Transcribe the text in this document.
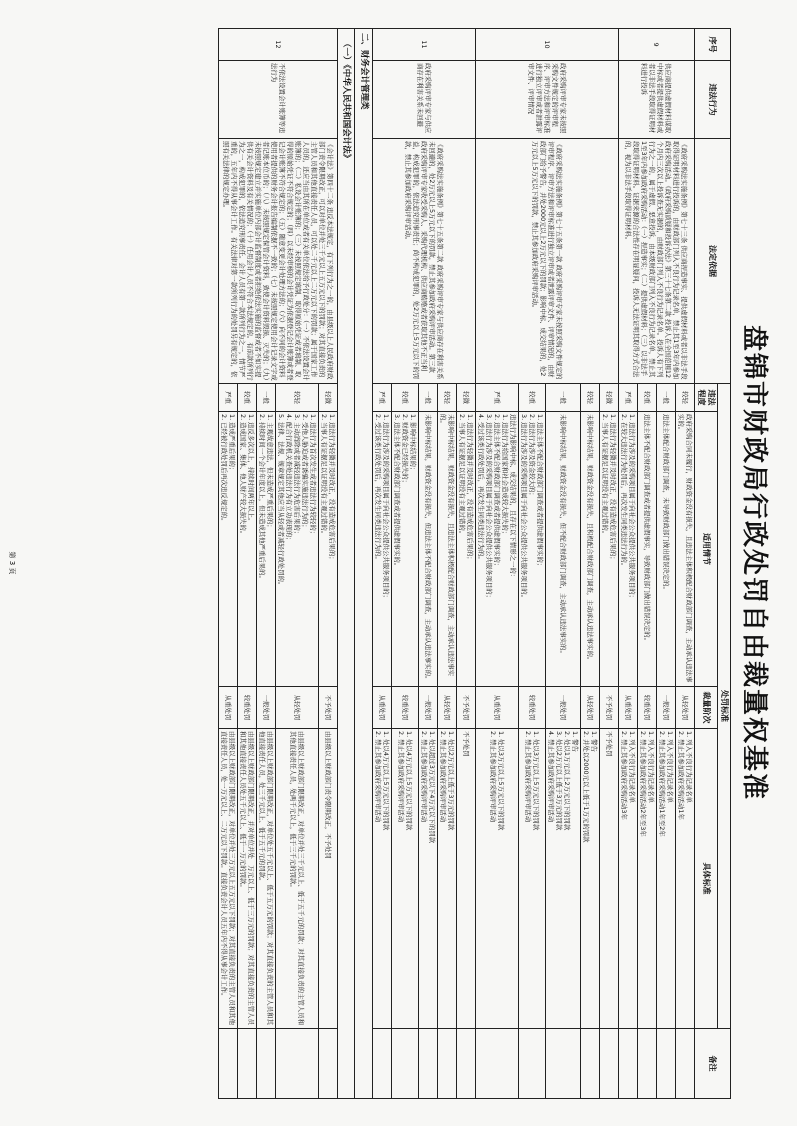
盘锦市财政局行政处罚自由裁量权基准
序号	违法行为	法定依据	处罚标准				备注
			违法程度	适用情节	裁量阶次	具体标准	
9	供应商提供虚假材料谋取中标或者提供虚假材料或者以非法手段取得证明材料进行投诉	《政府采购法实施条例》第七十三条 供应商捏造事实、提供虚假材料或者以非法手段取得证明材料进行投诉的，由财政部门列入不良行为记录名单，禁止其1至3年内参加政府采购活动。《政府采购质疑和投诉办法》第三十七条第二款 投诉人在全国范围12个月内三次以上投诉查无实据的，由财政部门列入不良行为记录名单。投诉人有下列行为之一的，属于虚假、恶意投诉，由本级财政部门列入不良行为记录名单，禁止其1至3年内参加政府采购活动：（一）捏造事实；（二）提供虚假材料；（三）以非法手段取得证明材料。证据来源的合法性存在明显疑问，投诉人无法证明其取得方式合法的，视为以非法手段取得证明材料。	较轻	政府采购合同未履行，财政资金没有损失，且违法主体积极配合财政部门调查，主动承认违法事实的。	从轻处罚	1. 列入不良行为记录名单
2. 禁止其参加政府采购活动1年	
			一般	违法主体配合财政部门调查，未导致财政部门做出错误决定的。	一般处罚	1. 列入不良行为记录名单
2. 禁止其参加政府采购活动1年至2年	
			较重	违法主体不配合财政部门调查或者提供虚假事实，导致财政部门做出错误决定的。	较重处罚	1. 列入不良行为记录名单
2. 禁止其参加政府采购活动2年至3年	
			严重	1. 违法行为涉及的采购项目属于向社会公众提供公共服务项目的；
2. 在较大违法行为处罚后，再次发生同类违法行为的。	从重处罚	1. 列入不良行为记录名单
2. 禁止其参加政府采购活动3年	
10	政府采购评审专家未按照采购文件规定的评审程序、评审方法和评审标准进行独立评审或者泄露评审文件、评审情况	《政府采购法实施条例》第七十五条第一款 政府采购评审专家未按照采购文件规定的评审程序、评审方法和评审标准进行独立评审或者泄露评审文件、评审情况的，由财政部门给予警告，并处2000元以上2万元以下的罚款；影响中标、成交结果的，处2万元以上5万元以下的罚款，禁止其参加政府采购评审活动。	轻微	1. 违法行为轻微并及时改正，没有造成危害后果的；
2. 当事人有证据足以证明没有主观过错的。	不予处罚	不予处罚	
			较轻	未影响中标结果，财政资金没有损失，且积极配合财政部门调查，主动承认违法事实的。	从轻处罚	1. 警告
2. 并处以2000元以上低于1万元的罚款	
			一般	未影响中标结果，财政资金没有损失，但不配合财政部门调查，主动承认违法事实的。	一般处罚	1. 警告
2. 处以1万元以上2万元以下的罚款
3. 处以2万元以上低于3万元的罚款
4. 禁止其参加政府采购评审活动	
			较重	1. 违法主体不配合财政部门调查或者提供虚假事实的；
2. 违法行为涉及资金较大的；
3. 违法行为涉及的采购项目属于向社会公众提供公共服务项目的。	较重处罚	1. 处以3万元以上5万元以下的罚款
2. 禁止其参加政府采购评审活动	
			严重	违法行为影响中标、成交结果的，且存在以下情形之一的：
1. 违法行为给国家和社会造成较大损失的；
2. 违法主体不配合财政部门调查或者提供虚假事实的；
3. 违法行为涉及的采购项目属于向社会公众提供公共服务项目的；
4. 受过该类行政处罚后，再次发生同类违法行为的。	从重处罚	1. 处以3万元以上5万元以下的罚款
2. 禁止其参加政府采购评审活动	
11	政府采购评审专家与供应商存在利害关系未回避	《政府采购法实施条例》第七十五条第二款 政府采购评审专家与供应商存在利害关系未回避的，处2万元以上5万元以下的罚款，禁止其参加政府采购评审活动。第三款 政府采购评审专家收受采购人、采购代理机构、供应商贿赂或者获取其他不正当利益，构成犯罪的，依法追究刑事责任；尚不构成犯罪的，处2万元以上5万元以下的罚款，禁止其参加政府采购评审活动。	轻微	1. 违法行为轻微并及时改正，没有造成危害后果的；
2. 当事人有证据足以证明没有主观过错的。	不予处罚	不予处罚	
			较轻	未影响中标结果，财政资金没有损失，且违法主体积极配合财政部门调查，主动承认违法事实的。	从轻处罚	1. 处以2万元以上低于3万元的罚款
2. 禁止其参加政府采购评审活动	
			一般	未影响中标结果，财政资金没有损失，但违法主体不配合财政部门调查，主动承认违法事实的。	一般处罚	1. 处以超过3万元以下4万元以下的罚款
2. 禁止其参加政府采购评审活动	
			较重	1. 影响中标结果的；
2. 财政资金已经损失的；
3. 违法主体不配合财政部门调查或者提供虚假事实的。	较重处罚	1. 处以4万元以上5万元以下的罚款
2. 禁止其参加政府采购评审活动	
			严重	1. 违法行为涉及的采购项目属于向社会公众提供公共服务项目的；
2. 受过该类行政处罚后，再次发生同类违法行为的。	从重处罚	1. 处以4万元以上5万元以下的罚款
2. 禁止其参加政府采购评审活动	
二、财务会计管理类							
（一）《中华人民共和国会计法》							
12	不依法设置会计账簿等违法行为	《会计法》第四十二条 违反本法规定，有下列行为之一的，由县级以上人民政府财政部门责令限期改正，可以对单位并处三千元以上五万元以下的罚款；对其直接负责的主管人员和其他直接责任人员，可以处二千元以上二万元以下的罚款；属于国家工作人员的，还应当由其所在单位或者有关单位依法给予行政处分：（一）不依法设置会计账簿的；（二）私设会计账簿的；（三）未按照规定填制、取得原始凭证或者填制、取得的原始凭证不符合规定的；（四）以未经审核的会计凭证为依据登记会计账簿或者登记会计账簿不符合规定的；（五）随意变更会计处理方法的；（六）向不同的会计资料使用者提供的财务会计报告编制依据不一致的；（七）未按照规定使用会计记录文字或者记账本位币的；（八）未按照规定保管会计资料，致使会计资料毁损、灭失的；（九）未按照规定建立并实施单位内部会计监督制度或者拒绝依法实施的监督或者不如实提供有关会计资料及有关情况的；（十）任用会计人员不符合本法规定的。有前款所列行为之一，构成犯罪的，依法追究刑事责任。会计人员有第一款所列行为之一，情节严重的，五年内不得从事会计工作。有关法律对第一款所列行为的处罚另有规定的，依照有关法律的规定办理。	轻微	1. 违法行为轻微并及时改正，没有造成危害后果的；
2. 当事人有证据足以证明没有主观过错的。	不予处罚	由县级以上财政部门责令限期改正，不予处罚	
			较轻	1. 违法行为首次发生或者违法行为较轻的；
2. 受他人胁迫或者诱骗实施违法行为的；
3. 主动消除或者减轻违法行为危害后果的；
4. 配合行政机关查处违法行为有立功表现的；
5. 法律、法规、规章规定其他应当从轻或者减轻行政处罚的。	从轻处罚	由县级以上财政部门限期改正，对单位并处三千元以上、低于五千元的罚款；对其直接负责的主管人员和其他直接责任人员，处两千元以上，低于三千元的罚款。	
			一般	1. 主观故意违法，但未造成严重后果的；
2. 持续时间一个会计年度以上，但未造成其他严重后果的。	一般处罚	由县级以上财政部门限期改正，对单位处五千元以上、低于五万元的罚款；对其直接负责的主管人员和其他直接责任人员，处三千元以上、低于五千元的罚款。	
			较重	1. 违反多次以上，持续时间两年以上。
2. 造成国家、集体、他人财产较大损失的。	较重处罚	由县级以上财政部门限期改正，并对单位并处　万元以上、低于三万元的罚款；对其直接负责的主管人员和其他直接责任人员处五千元以上、低于一万元的罚款。	
			严重	1. 造成严重后果的；
2. 已经被行政处罚后再次违反规定的。	从重处罚	由县级以上财政部门限期改正，对单位并处三万元以上五万元以下罚款；对其直接负责的主管人员和其他直接责任人员，处一万元以上、二万元以下罚款。直接负责会计人员五年内不得从事会计工作。	
第 3 页
